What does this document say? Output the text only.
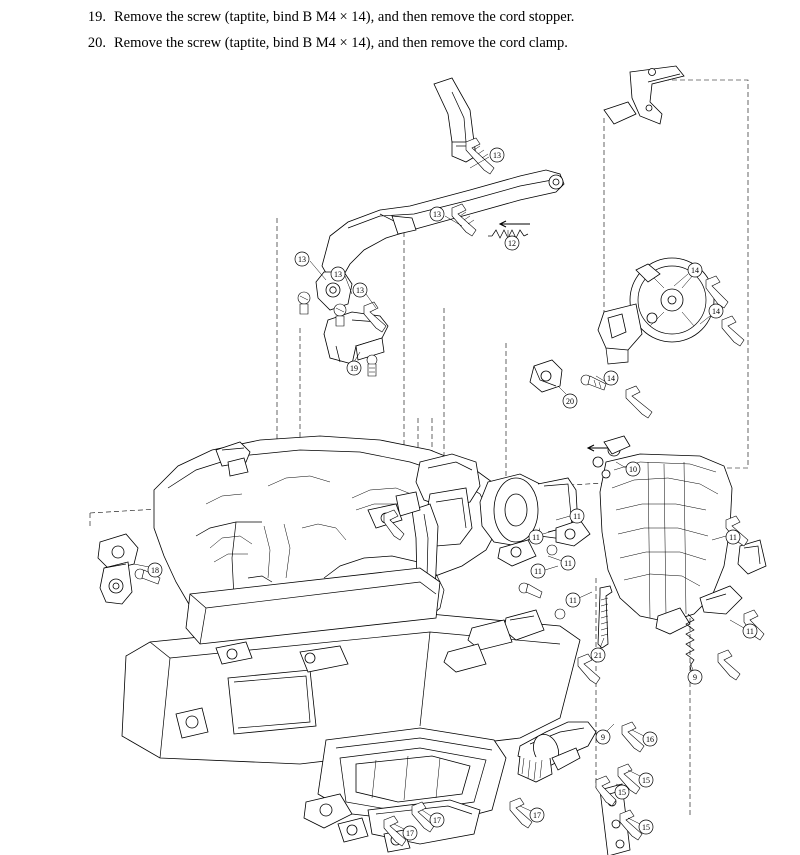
19. Remove the screw (taptite, bind B M4 × 14), and then remove the cord stopper.
20. Remove the screw (taptite, bind B M4 × 14), and then remove the cord clamp.
13
13
13
13
13
12
14
14
14
19
20
10
11
11	11
11
11
11
11
18
21
9
9	16
15
15
15
17
17
17
